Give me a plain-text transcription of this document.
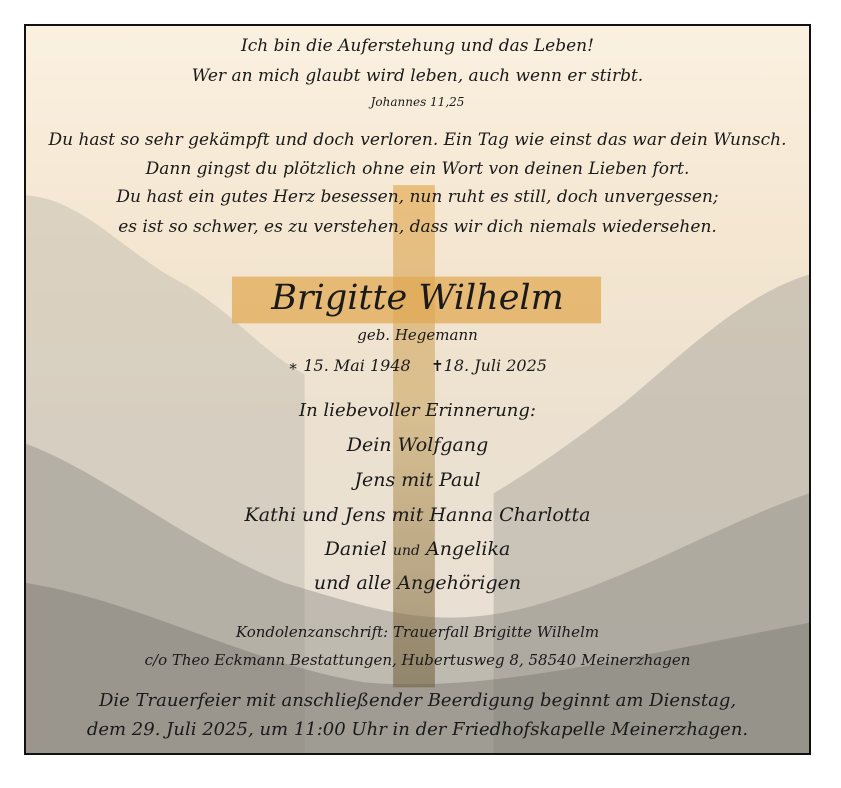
Ich bin die Auferstehung und das Leben!
Wer an mich glaubt wird leben, auch wenn er stirbt.
Johannes 11,25
Du hast so sehr gekämpft und doch verloren. Ein Tag wie einst das war dein Wunsch.
Dann gingst du plötzlich ohne ein Wort von deinen Lieben fort.
Du hast ein gutes Herz besessen, nun ruht es still, doch unvergessen;
es ist so schwer, es zu verstehen, dass wir dich niemals wiedersehen.
Brigitte Wilhelm
geb. Hegemann
∗ 15. Mai 1948 ✝18. Juli 2025
In liebevoller Erinnerung:
Dein Wolfgang
Jens mit Paul
Kathi und Jens mit Hanna Charlotta
Daniel und Angelika
und alle Angehörigen
Kondolenzanschrift: Trauerfall Brigitte Wilhelm
c/o Theo Eckmann Bestattungen, Hubertusweg 8, 58540 Meinerzhagen
Die Trauerfeier mit anschließender Beerdigung beginnt am Dienstag,
dem 29. Juli 2025, um 11:00 Uhr in der Friedhofskapelle Meinerzhagen.
